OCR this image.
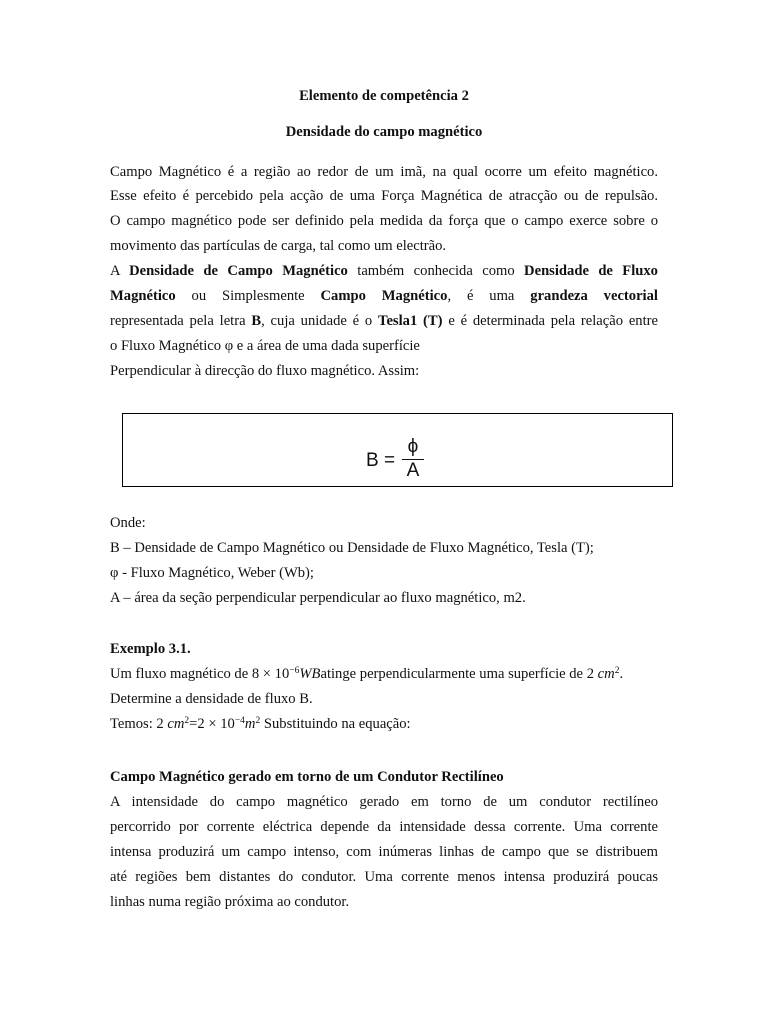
Elemento de competência 2
Densidade do campo magnético
Campo Magnético é a região ao redor de um imã, na qual ocorre um efeito magnético.
Esse efeito é percebido pela acção de uma Força Magnética de atracção ou de repulsão.
O campo magnético pode ser definido pela medida da força que o campo exerce sobre o
movimento das partículas de carga, tal como um electrão.
A Densidade de Campo Magnético também conhecida como Densidade de Fluxo
Magnético ou Simplesmente Campo Magnético, é uma grandeza vectorial
representada pela letra B, cuja unidade é o Tesla1 (T) e é determinada pela relação entre
o Fluxo Magnético φ e a área de uma dada superfície
Perpendicular à direcção do fluxo magnético. Assim:
B =
ϕ
A
Onde:
B – Densidade de Campo Magnético ou Densidade de Fluxo Magnético, Tesla (T);
φ - Fluxo Magnético, Weber (Wb);
A – área da seção perpendicular perpendicular ao fluxo magnético, m2.
Exemplo 3.1.
Um fluxo magnético de $8 \times 10^{-6}WBatinge$ perpendicularmente uma superfície de 2 $cm^2$.
Determine a densidade de fluxo B.
Temos: 2 $cm^2=2 \times 10^{-4}m^2$ Substituindo na equação:
Campo Magnético gerado em torno de um Condutor Rectilíneo
A intensidade do campo magnético gerado em torno de um condutor rectilíneo
percorrido por corrente eléctrica depende da intensidade dessa corrente. Uma corrente
intensa produzirá um campo intenso, com inúmeras linhas de campo que se distribuem
até regiões bem distantes do condutor. Uma corrente menos intensa produzirá poucas
linhas numa região próxima ao condutor.
